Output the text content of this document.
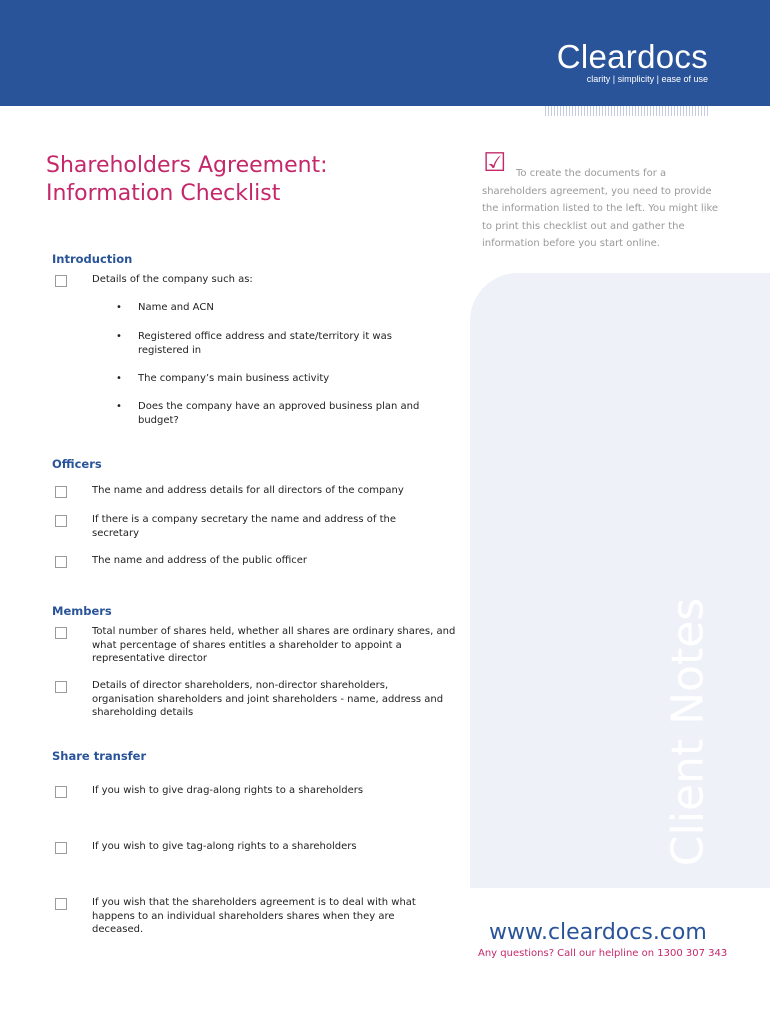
Cleardocs
clarity | simplicity | ease of use
Shareholders Agreement:
Information Checklist
Client Notes
☑ To create the documents for a
shareholders agreement, you need to provide
the information listed to the left. You might like
to print this checklist out and gather the
information before you start online.
Introduction
Details of the company such as:
• Name and ACN
• Registered office address and state/territory it was registered in
• The company’s main business activity
• Does the company have an approved business plan and budget?
Officers
The name and address details for all directors of the company
If there is a company secretary the name and address of the secretary
The name and address of the public officer
Members
Total number of shares held, whether all shares are ordinary shares, and what percentage of shares entitles a shareholder to appoint a representative director
Details of director shareholders, non-director shareholders, organisation shareholders and joint shareholders - name, address and shareholding details
Share transfer
If you wish to give drag-along rights to a shareholders
If you wish to give tag-along rights to a shareholders
If you wish that the shareholders agreement is to deal with what happens to an individual shareholders shares when they are deceased.	www.cleardocs.com
Any questions? Call our helpline on 1300 307 343
